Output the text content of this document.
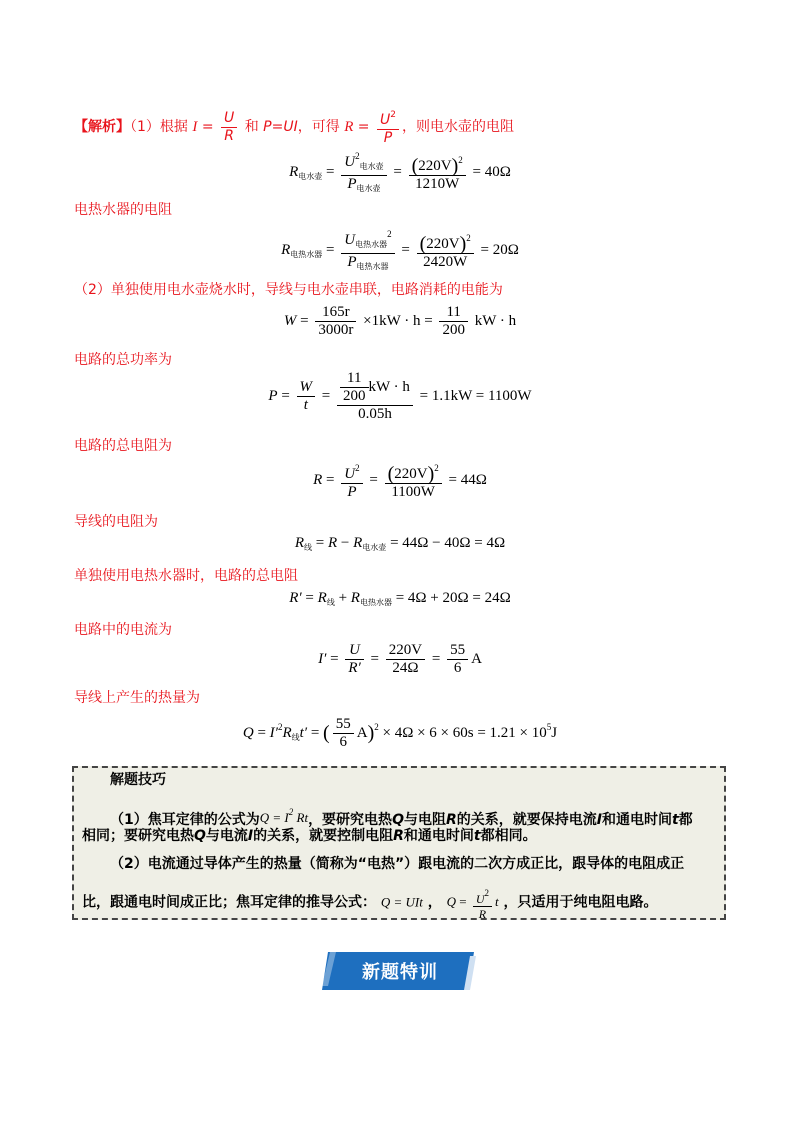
【解析】（1）根据 $I = \frac{U}{R}$ 和 P=UI，可得 $R = \frac{U^2}{P}$ ，则电水壶的电阻
$R_{电水壶} = \frac{U^2_{电水壶}}{P_{电水壶}} = \frac{(220V)^2}{1210W} = 40\Omega$
电热水器的电阻
$R_{电热水器} = \frac{U_{电热水器}^2}{P_{电热水器}} = \frac{(220V)^2}{2420W} = 20\Omega$
（2）单独使用电水壶烧水时，导线与电水壶串联，电路消耗的电能为
$W = \frac{165r}{3000r} \times 1kW \cdot h = \frac{11}{200}$ kW · h
电路的总功率为
$P = \frac{W}{t} = \frac{\frac{11}{200} kW \cdot h}{0.05h} = 1.1kW = 1100W$
电路的总电阻为
$R = \frac{U^2}{P} = \frac{(220V)^2}{1100W} = 44\Omega$
导线的电阻为
$R_线 = R - R_{电水壶} = 44\Omega - 40\Omega = 4\Omega$
单独使用电热水器时，电路的总电阻
$R' = R_线 + R_{电热水器} = 4\Omega + 20\Omega = 24\Omega$
电路中的电流为
$I' = \frac{U}{R'} = \frac{220V}{24\Omega} = \frac{55}{6}$ A
导线上产生的热量为
$Q = I'^2R_线t'$ = ( $\frac{55}{6} A)^2 \times 4\Omega \times 6 \times 60s = 1.21 \times 10^5J$
解题技巧
（1）焦耳定律的公式为$Q = I^2$ Rt，要研究电热Q与电阻R的关系，就要保持电流I和通电时间t都
相同；要研究电热Q与电流I的关系，就要控制电阻R和通电时间t都相同。
（2）电流通过导体产生的热量（简称为“电热”）跟电流的二次方成正比，跟导体的电阻成正
比，跟通电时间成正比；焦耳定律的推导公式： Q = UIt ， $Q = \frac{U^2}{R}$ t ，只适用于纯电阻电路。
新题特训
